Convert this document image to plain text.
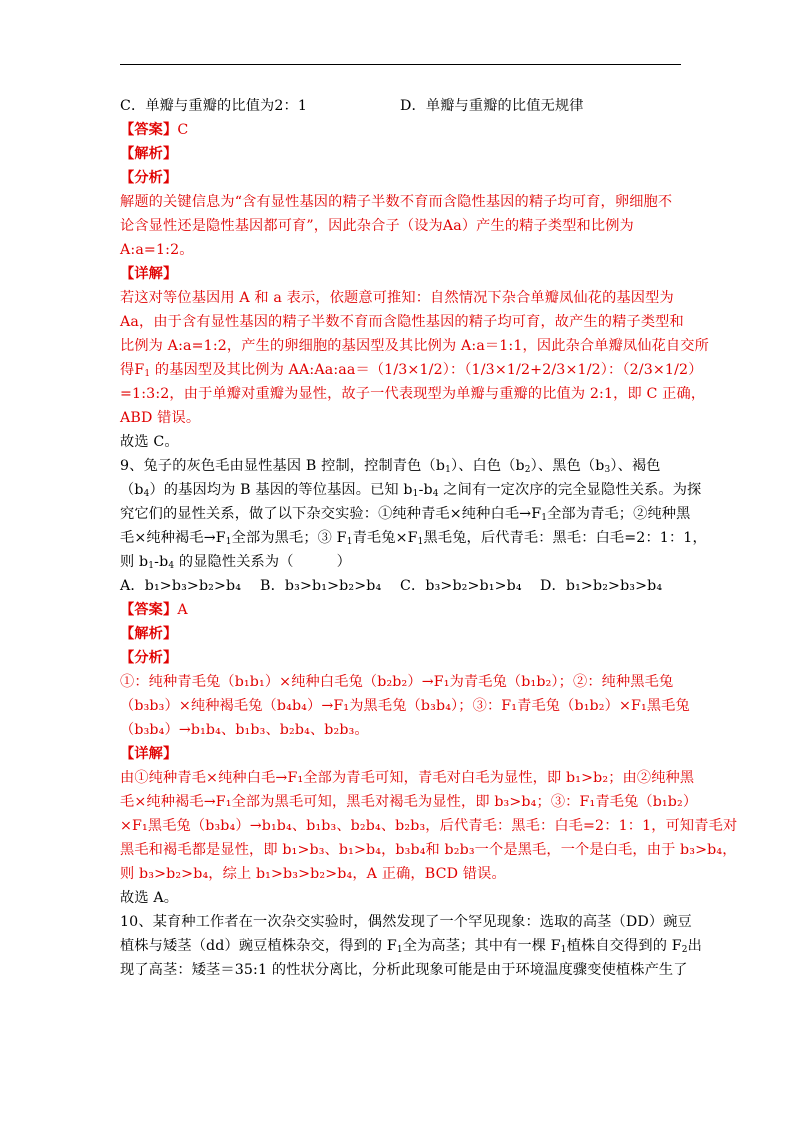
C．单瓣与重瓣的比值为2：1	D．单瓣与重瓣的比值无规律
【答案】C
【解析】
【分析】
解题的关键信息为“含有显性基因的精子半数不育而含隐性基因的精子均可育，卵细胞不
论含显性还是隐性基因都可育”，因此杂合子（设为Aa）产生的精子类型和比例为
A:a=1:2。
【详解】
若这对等位基因用 A 和 a 表示，依题意可推知：自然情况下杂合单瓣凤仙花的基因型为
Aa，由于含有显性基因的精子半数不育而含隐性基因的精子均可育，故产生的精子类型和
比例为 A:a=1:2，产生的卵细胞的基因型及其比例为 A:a＝1:1，因此杂合单瓣凤仙花自交所
得$F_1$ 的基因型及其比例为 AA:Aa:aa＝（1/3×1/2）：（1/3×1/2+2/3×1/2）：（2/3×1/2）
=1:3:2，由于单瓣对重瓣为显性，故子一代表现型为单瓣与重瓣的比值为 2:1，即 C 正确，
ABD 错误。
故选 C。
9、兔子的灰色毛由显性基因 B 控制，控制青色$(b_1)$、白色$(b_2)$、黑色$(b_3)$、褐色
$(b_4)$的基因均为 B 基因的等位基因。已知 $b_1-b_4$ 之间有一定次序的完全显隐性关系。为探
究它们的显性关系，做了以下杂交实验：①纯种青毛×纯种白毛$\to F_1$全部为青毛；②纯种黑
毛×纯种褐毛$\to F_1$全部为黑毛；③ $F_1$青毛兔$\times F_1$黑毛兔，后代青毛：黑毛：白毛=2：1：1，
则 $b_1-b_4$ 的显隐性关系为（　　　）
A．b₁>b₃>b₂>b₄	B．b₃>b₁>b₂>b₄	C．b₃>b₂>b₁>b₄	D．b₁>b₂>b₃>b₄
【答案】A
【解析】
【分析】
①：纯种青毛兔（b₁b₁）×纯种白毛兔（b₂b₂）→F₁为青毛兔（b₁b₂）；②：纯种黑毛兔
（b₃b₃）×纯种褐毛兔（b₄b₄）→F₁为黑毛兔（b₃b₄）；③：F₁青毛兔（b₁b₂）×F₁黑毛兔
（b₃b₄）→b₁b₄、b₁b₃、b₂b₄、b₂b₃。
【详解】
由①纯种青毛×纯种白毛→F₁全部为青毛可知，青毛对白毛为显性，即 b₁>b₂；由②纯种黑
毛×纯种褐毛→F₁全部为黑毛可知，黑毛对褐毛为显性，即 b₃>b₄；③：F₁青毛兔（b₁b₂）
×F₁黑毛兔（b₃b₄）→b₁b₄、b₁b₃、b₂b₄、b₂b₃，后代青毛：黑毛：白毛=2：1：1，可知青毛对
黑毛和褐毛都是显性，即 b₁>b₃、b₁>b₄，b₃b₄和 b₂b₃一个是黑毛，一个是白毛，由于 b₃>b₄，
则 b₃>b₂>b₄，综上 b₁>b₃>b₂>b₄，A 正确，BCD 错误。
故选 A。
10、某育种工作者在一次杂交实验时，偶然发现了一个罕见现象：选取的高茎（DD）豌豆
植株与矮茎（dd）豌豆植株杂交，得到的 $F_1$全为高茎；其中有一棵 $F_1$植株自交得到的 $F_2$出
现了高茎：矮茎＝35:1 的性状分离比，分析此现象可能是由于环境温度骤变使植株产生了
